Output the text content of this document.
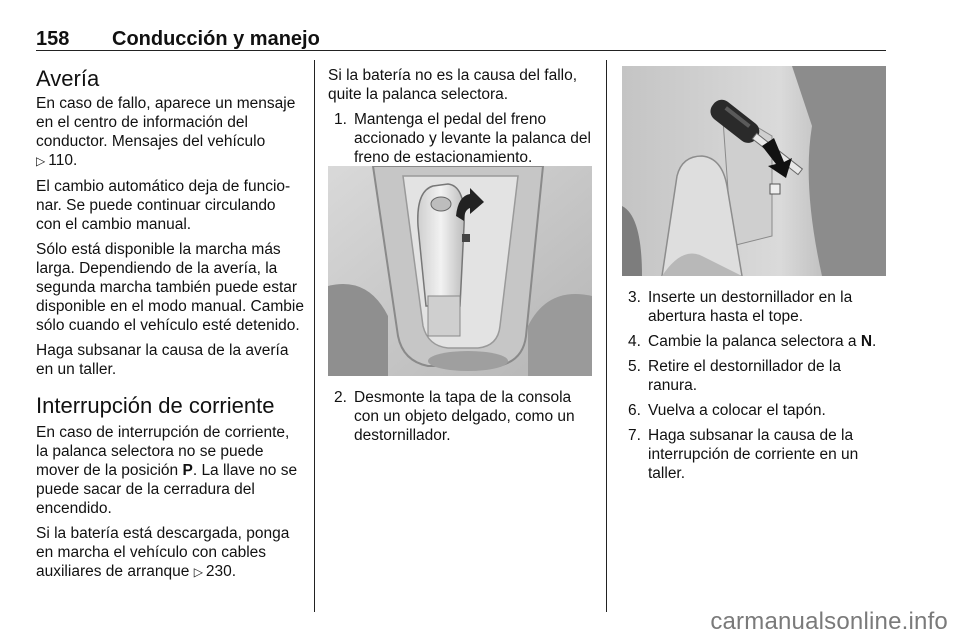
158 Conducción y manejo
Avería

En caso de fallo, aparece un mensaje en el centro de información del conductor. Mensajes del vehículo
▷ 110.

El cambio automático deja de funcio-nar. Se puede continuar circulando con el cambio manual.

Sólo está disponible la marcha más larga. Dependiendo de la avería, la segunda marcha también puede estar disponible en el modo manual. Cambie sólo cuando el vehículo esté detenido.

Haga subsanar la causa de la avería en un taller.

Interrupción de corriente

En caso de interrupción de corriente, la palanca selectora no se puede mover de la posición P. La llave no se puede sacar de la cerradura del encendido.

Si la batería está descargada, ponga en marcha el vehículo con cables auxiliares de arranque ▷ 230.

Si la batería no es la causa del fallo, quite la palanca selectora.

1. Mantenga el pedal del freno accionado y levante la palanca del freno de estacionamiento.
2. Desmonte la tapa de la consola con un objeto delgado, como un destornillador.
3. Inserte un destornillador en la abertura hasta el tope.
4. Cambie la palanca selectora a N.
5. Retire el destornillador de la ranura.
6. Vuelva a colocar el tapón.
7. Haga subsanar la causa de la interrupción de corriente en un taller.
carmanualsonline.info
